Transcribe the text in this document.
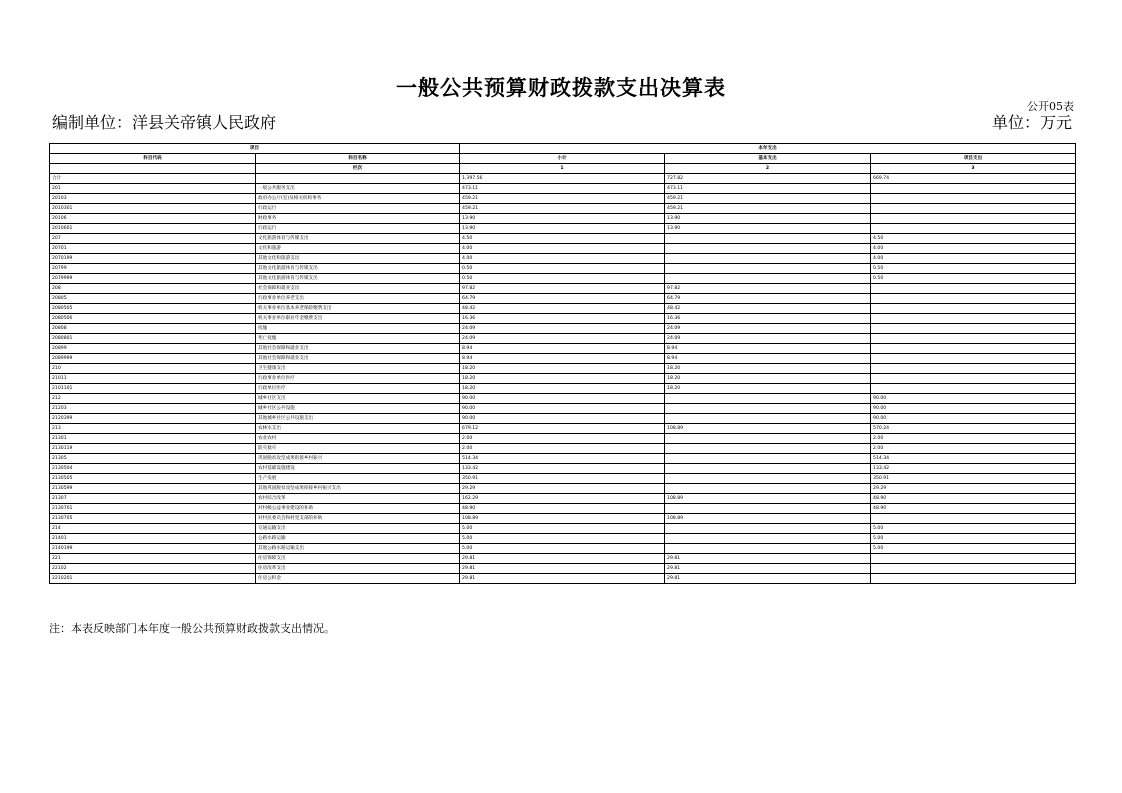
一般公共预算财政拨款支出决算表
公开05表
编制单位：洋县关帝镇人民政府	单位：万元
项目		本年支出		
科目代码	科目名称	小计	基本支出	项目支出
	栏次	1	2	3
合计		1,397.56	727.82	669.74
201	一般公共服务支出	473.11	473.11	
20103	政府办公厅(室)及相关机构事务	459.21	459.21	
2010301	行政运行	459.21	459.21	
20106	财政事务	13.90	13.90	
2010601	行政运行	13.90	13.90	
207	文化旅游体育与传媒支出	4.50		4.50
20701	文化和旅游	4.00		4.00
2070199	其他文化和旅游支出	4.00		4.00
20799	其他文化旅游体育与传媒支出	0.50		0.50
2079999	其他文化旅游体育与传媒支出	0.50		0.50
208	社会保障和就业支出	97.82	97.82	
20805	行政事业单位养老支出	64.79	64.79	
2080505	机关事业单位基本养老保险缴费支出	48.42	48.42	
2080506	机关事业单位职业年金缴费支出	16.36	16.36	
20808	抚恤	24.09	24.09	
2080801	死亡抚恤	24.09	24.09	
20899	其他社会保障和就业支出	8.94	8.94	
2089999	其他社会保障和就业支出	8.94	8.94	
210	卫生健康支出	18.20	18.20	
21011	行政事业单位医疗	18.20	18.20	
2101101	行政单位医疗	18.20	18.20	
212	城乡社区支出	90.00		90.00
21203	城乡社区公共设施	90.00		90.00
2120399	其他城乡社区公共设施支出	90.00		90.00
213	农林水支出	679.12	108.89	570.24
21301	农业农村	2.00		2.00
2130119	防灾救灾	2.00		2.00
21305	巩固脱贫攻坚成果衔接乡村振兴	514.34		514.34
2130504	农村基础设施建设	133.42		133.42
2130505	生产发展	350.91		350.91
2130599	其他巩固脱贫攻坚成果衔接乡村振兴支出	29.29		29.29
21307	农村综合改革	162.29	108.89	48.90
2130701	对村级公益事业建设的补助	48.90		48.90
2130705	对村民委员会和村党支部的补助	108.89	108.89	
214	交通运输支出	5.00		5.00
21401	公路水路运输	5.00		5.00
2140199	其他公路水路运输支出	5.00		5.00
221	住房保障支出	29.81	29.81	
22102	住房改革支出	29.81	29.81	
2210201	住房公积金	29.81	29.81	
注：本表反映部门本年度一般公共预算财政拨款支出情况。
